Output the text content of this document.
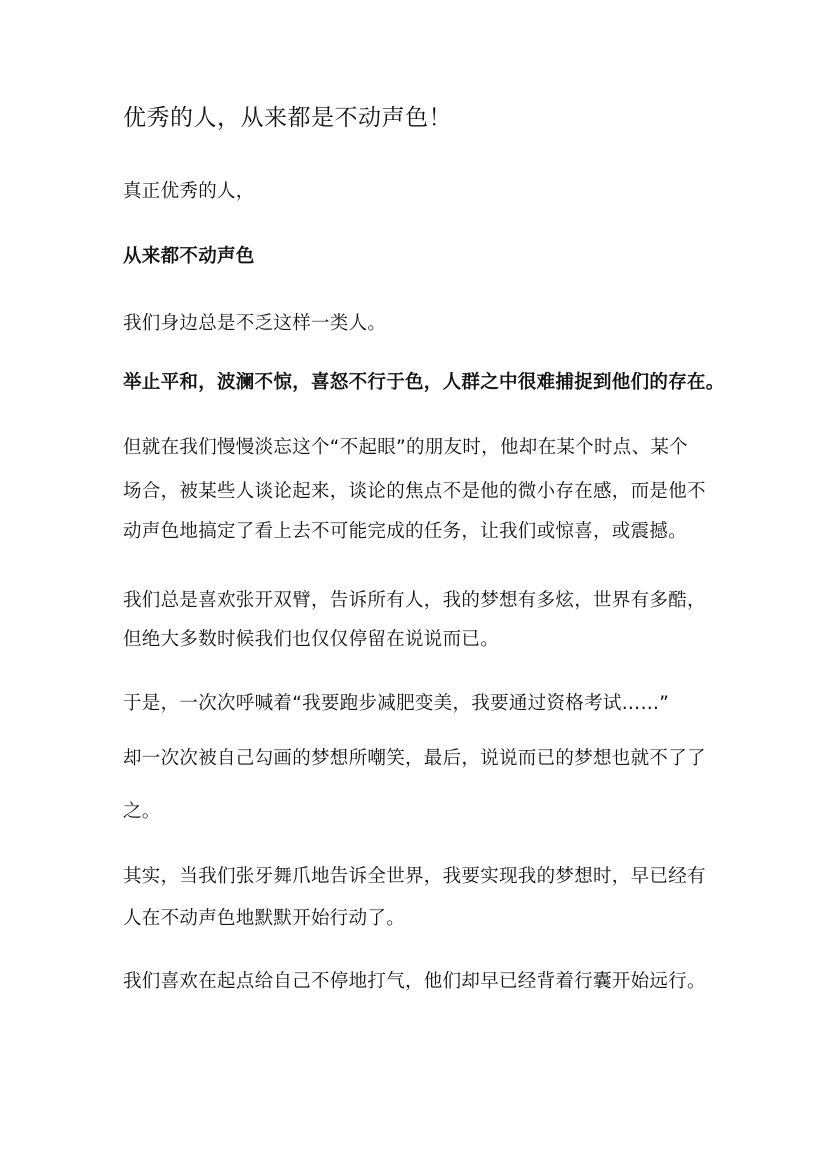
优秀的人，从来都是不动声色！
真正优秀的人，
从来都不动声色
我们身边总是不乏这样一类人。
举止平和，波澜不惊，喜怒不行于色，人群之中很难捕捉到他们的存在。
但就在我们慢慢淡忘这个“不起眼”的朋友时，他却在某个时点、某个
场合，被某些人谈论起来，谈论的焦点不是他的微小存在感，而是他不
动声色地搞定了看上去不可能完成的任务，让我们或惊喜，或震撼。
我们总是喜欢张开双臂，告诉所有人，我的梦想有多炫，世界有多酷，
但绝大多数时候我们也仅仅停留在说说而已。
于是，一次次呼喊着“我要跑步减肥变美，我要通过资格考试……”
却一次次被自己勾画的梦想所嘲笑，最后，说说而已的梦想也就不了了
之。
其实，当我们张牙舞爪地告诉全世界，我要实现我的梦想时，早已经有
人在不动声色地默默开始行动了。
我们喜欢在起点给自己不停地打气，他们却早已经背着行囊开始远行。
